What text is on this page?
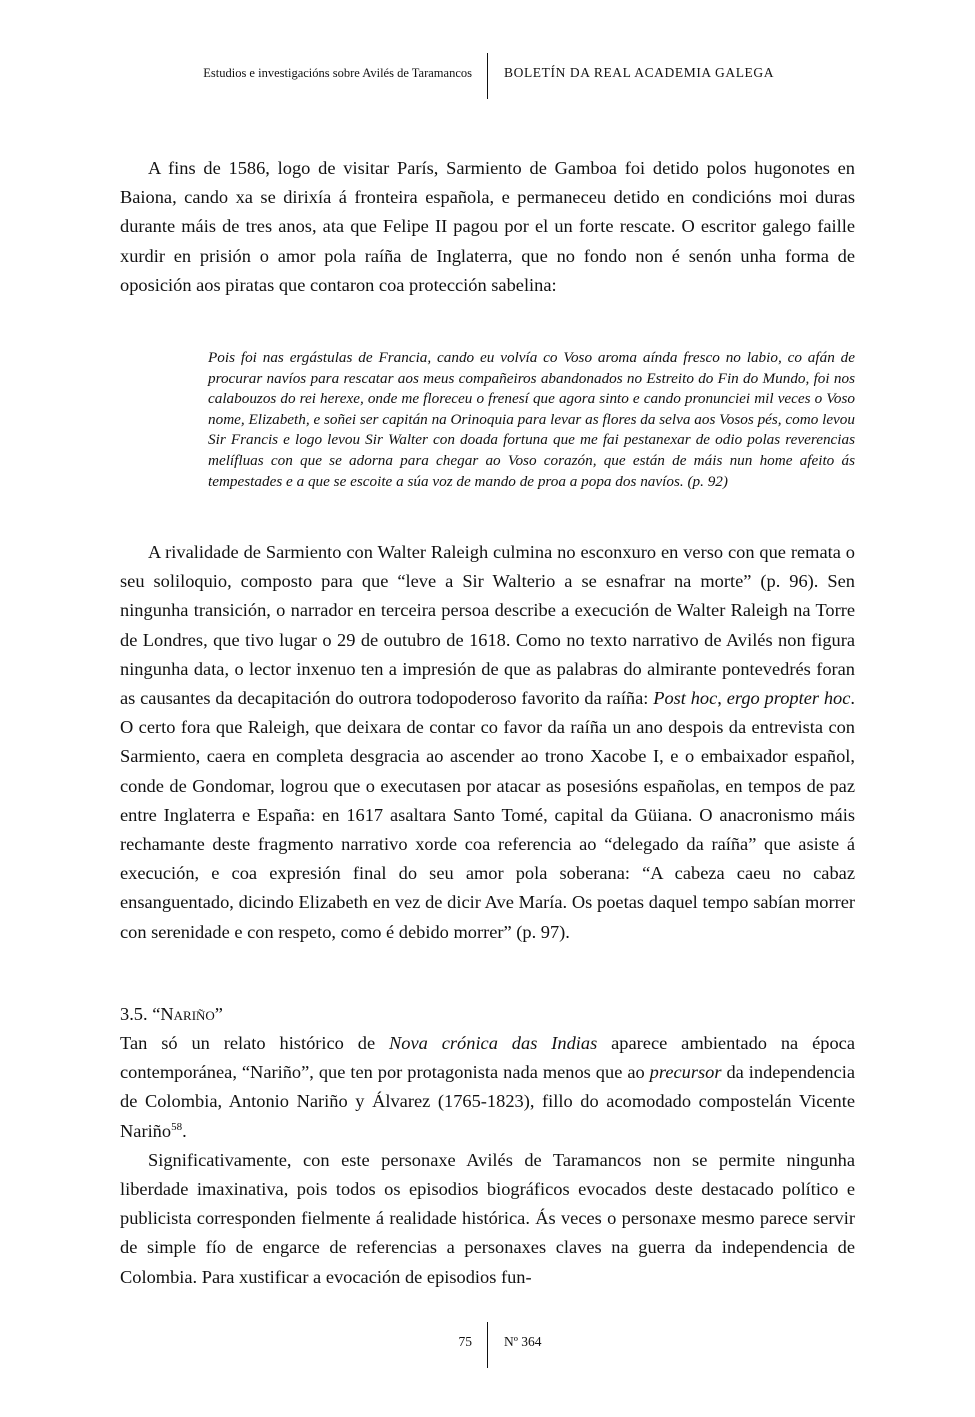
Estudios e investigacións sobre Avilés de Taramancos BOLETÍN DA REAL ACADEMIA GALEGA

A fins de 1586, logo de visitar París, Sarmiento de Gamboa foi detido polos hugonotes en Baiona, cando xa se dirixía á fronteira española, e permaneceu detido en condicións moi duras durante máis de tres anos, ata que Felipe II pagou por el un forte rescate. O escritor galego faille xurdir en prisión o amor pola raíña de Inglaterra, que no fondo non é senón unha forma de oposición aos piratas que contaron coa protección sabelina:

Pois foi nas ergástulas de Francia, cando eu volvía co Voso aroma aínda fresco no labio, co afán de procurar navíos para rescatar aos meus compañeiros abandonados no Estreito do Fin do Mundo, foi nos calabouzos do rei herexe, onde me floreceu o frenesí que agora sinto e cando pronunciei mil veces o Voso nome, Elizabeth, e soñei ser capitán na Orinoquia para levar as flores da selva aos Vosos pés, como levou Sir Francis e logo levou Sir Walter con doada fortuna que me fai pestanexar de odio polas reverencias melífluas con que se adorna para chegar ao Voso corazón, que están de máis nun home afeito ás tempestades e a que se escoite a súa voz de mando de proa a popa dos navíos. (p. 92)

A rivalidade de Sarmiento con Walter Raleigh culmina no esconxuro en verso con que remata o seu soliloquio, composto para que “leve a Sir Walterio a se esnafrar na morte” (p. 96). Sen ningunha transición, o narrador en terceira persoa describe a execución de Walter Raleigh na Torre de Londres, que tivo lugar o 29 de outubro de 1618. Como no texto narrativo de Avilés non figura ningunha data, o lector inxenuo ten a impresión de que as palabras do almirante pontevedrés foran as causantes da decapitación do outrora todopoderoso favorito da raíña: Post hoc, ergo propter hoc. O certo fora que Raleigh, que deixara de contar co favor da raíña un ano despois da entrevista con Sarmiento, caera en completa desgracia ao ascender ao trono Xacobe I, e o embaixador español, conde de Gondomar, logrou que o executasen por atacar as posesións españolas, en tempos de paz entre Inglaterra e España: en 1617 asaltara Santo Tomé, capital da Güiana. O anacronismo máis rechamante deste fragmento narrativo xorde coa referencia ao “delegado da raíña” que asiste á execución, e coa expresión final do seu amor pola soberana: “A cabeza caeu no cabaz ensanguentado, dicindo Elizabeth en vez de dicir Ave María. Os poetas daquel tempo sabían morrer con serenidade e con respeto, como é debido morrer” (p. 97).

3.5. “Nariño”

Tan só un relato histórico de Nova crónica das Indias aparece ambientado na época contemporánea, “Nariño”, que ten por protagonista nada menos que ao precursor da independencia de Colombia, Antonio Nariño y Álvarez (1765-1823), fillo do acomodado compostelán Vicente Nariño$^{58}$.

Significativamente, con este personaxe Avilés de Taramancos non se permite ningunha liberdade imaxinativa, pois todos os episodios biográficos evocados deste destacado político e publicista corresponden fielmente á realidade histórica. Ás veces o personaxe mesmo parece servir de simple fío de engarce de referencias a personaxes claves na guerra da independencia de Colombia. Para xustificar a evocación de episodios fun-

75 Nº 364
